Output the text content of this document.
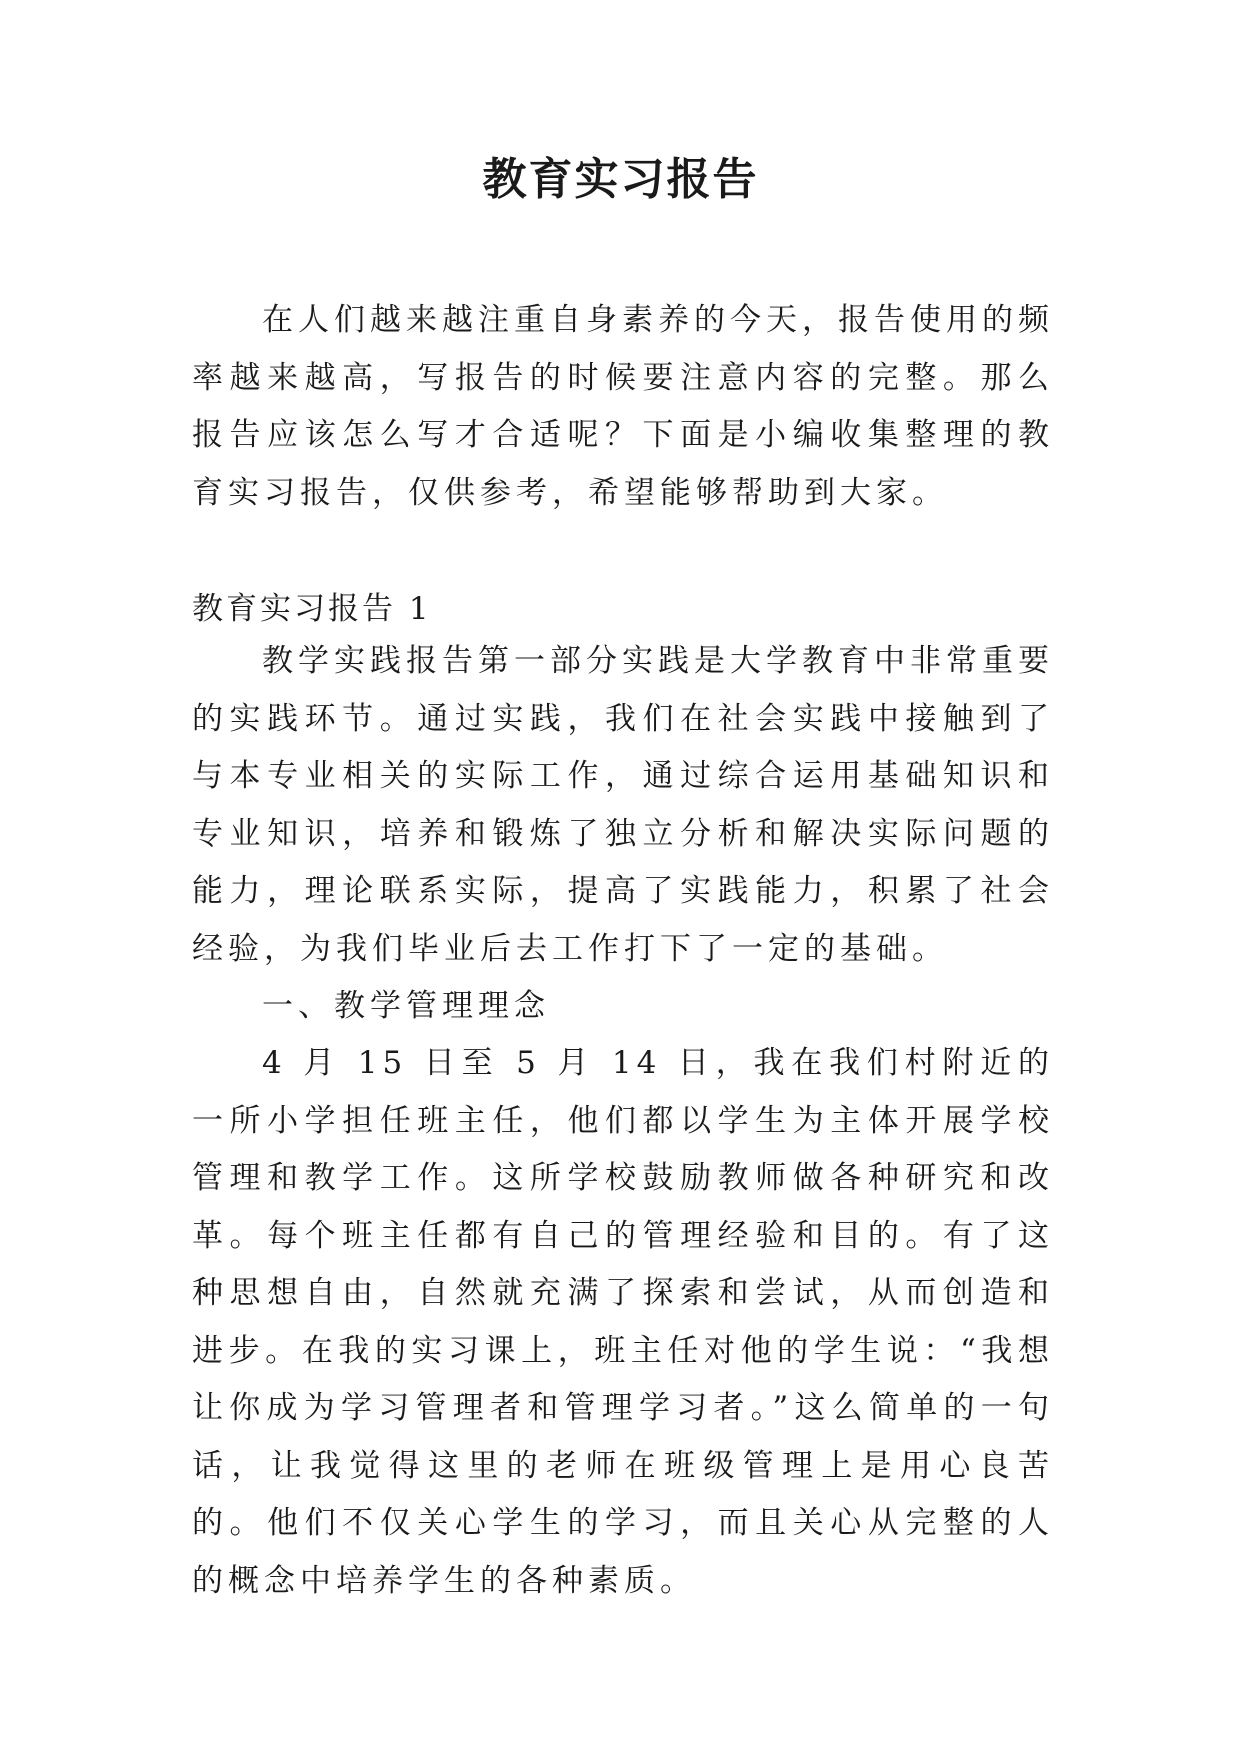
教育实习报告

在人们越来越注重自身素养的今天，报告使用的频率越来越高，写报告的时候要注意内容的完整。那么报告应该怎么写才合适呢？下面是小编收集整理的教育实习报告，仅供参考，希望能够帮助到大家。

教育实习报告 1

教学实践报告第一部分实践是大学教育中非常重要的实践环节。通过实践，我们在社会实践中接触到了与本专业相关的实际工作，通过综合运用基础知识和专业知识，培养和锻炼了独立分析和解决实际问题的能力，理论联系实际，提高了实践能力，积累了社会经验，为我们毕业后去工作打下了一定的基础。

一、教学管理理念

4 月 15 日至 5 月 14 日，我在我们村附近的一所小学担任班主任，他们都以学生为主体开展学校管理和教学工作。这所学校鼓励教师做各种研究和改革。每个班主任都有自己的管理经验和目的。有了这种思想自由，自然就充满了探索和尝试，从而创造和进步。在我的实习课上，班主任对他的学生说：“我想让你成为学习管理者和管理学习者。”这么简单的一句话，让我觉得这里的老师在班级管理上是用心良苦的。他们不仅关心学生的学习，而且关心从完整的人的概念中培养学生的各种素质。
